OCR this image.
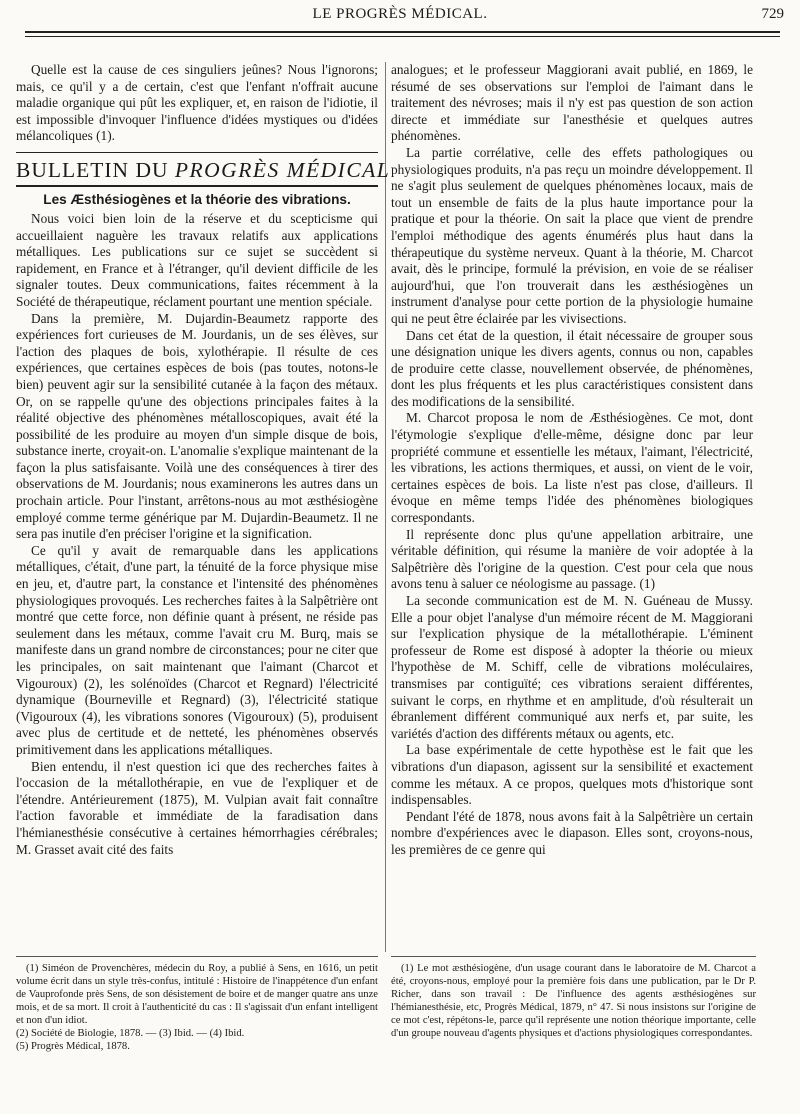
LE PROGRÈS MÉDICAL.	729

Quelle est la cause de ces singuliers jeûnes? Nous l'ignorons; mais, ce qu'il y a de certain, c'est que l'enfant n'offrait aucune maladie organique qui pût les expliquer, et, en raison de l'idiotie, il est impossible d'invoquer l'influence d'idées mystiques ou d'idées mélancoliques (1).

BULLETIN DU PROGRÈS MÉDICAL
Les Æsthésiogènes et la théorie des vibrations.

Nous voici bien loin de la réserve et du scepticisme qui accueillaient naguère les travaux relatifs aux applications métalliques. Les publications sur ce sujet se succèdent si rapidement, en France et à l'étranger, qu'il devient difficile de les signaler toutes. Deux communications, faites récemment à la Société de thérapeutique, réclament pourtant une mention spéciale.

Dans la première, M. Dujardin-Beaumetz rapporte des expériences fort curieuses de M. Jourdanis, un de ses élèves, sur l'action des plaques de bois, xylothérapie. Il résulte de ces expériences, que certaines espèces de bois (pas toutes, notons-le bien) peuvent agir sur la sensibilité cutanée à la façon des métaux. Or, on se rappelle qu'une des objections principales faites à la réalité objective des phénomènes métalloscopiques, avait été la possibilité de les produire au moyen d'un simple disque de bois, substance inerte, croyait-on. L'anomalie s'explique maintenant de la façon la plus satisfaisante. Voilà une des conséquences à tirer des observations de M. Jourdanis; nous examinerons les autres dans un prochain article. Pour l'instant, arrêtons-nous au mot æsthésiogène employé comme terme générique par M. Dujardin-Beaumetz. Il ne sera pas inutile d'en préciser l'origine et la signification.

Ce qu'il y avait de remarquable dans les applications métalliques, c'était, d'une part, la ténuité de la force physique mise en jeu, et, d'autre part, la constance et l'intensité des phénomènes physiologiques provoqués. Les recherches faites à la Salpêtrière ont montré que cette force, non définie quant à présent, ne réside pas seulement dans les métaux, comme l'avait cru M. Burq, mais se manifeste dans un grand nombre de circonstances; pour ne citer que les principales, on sait maintenant que l'aimant (Charcot et Vigouroux) (2), les solénoïdes (Charcot et Regnard) l'électricité dynamique (Bourneville et Regnard) (3), l'électricité statique (Vigouroux (4), les vibrations sonores (Vigouroux) (5), produisent avec plus de certitude et de netteté, les phénomènes observés primitivement dans les applications métalliques.

Bien entendu, il n'est question ici que des recherches faites à l'occasion de la métallothérapie, en vue de l'expliquer et de l'étendre. Antérieurement (1875), M. Vulpian avait fait connaître l'action favorable et immédiate de la faradisation dans l'hémianesthésie consécutive à certaines hémorrhagies cérébrales; M. Grasset avait cité des faits

analogues; et le professeur Maggiorani avait publié, en 1869, le résumé de ses observations sur l'emploi de l'aimant dans le traitement des névroses; mais il n'y est pas question de son action directe et immédiate sur l'anesthésie et quelques autres phénomènes.

La partie corrélative, celle des effets pathologiques ou physiologiques produits, n'a pas reçu un moindre développement. Il ne s'agit plus seulement de quelques phénomènes locaux, mais de tout un ensemble de faits de la plus haute importance pour la pratique et pour la théorie. On sait la place que vient de prendre l'emploi méthodique des agents énumérés plus haut dans la thérapeutique du système nerveux. Quant à la théorie, M. Charcot avait, dès le principe, formulé la prévision, en voie de se réaliser aujourd'hui, que l'on trouverait dans les æsthésiogènes un instrument d'analyse pour cette portion de la physiologie humaine qui ne peut être éclairée par les vivisections.

Dans cet état de la question, il était nécessaire de grouper sous une désignation unique les divers agents, connus ou non, capables de produire cette classe, nouvellement observée, de phénomènes, dont les plus fréquents et les plus caractéristiques consistent dans des modifications de la sensibilité.

M. Charcot proposa le nom de Æsthésiogènes. Ce mot, dont l'étymologie s'explique d'elle-même, désigne donc par leur propriété commune et essentielle les métaux, l'aimant, l'électricité, les vibrations, les actions thermiques, et aussi, on vient de le voir, certaines espèces de bois. La liste n'est pas close, d'ailleurs. Il évoque en même temps l'idée des phénomènes biologiques correspondants.

Il représente donc plus qu'une appellation arbitraire, une véritable définition, qui résume la manière de voir adoptée à la Salpêtrière dès l'origine de la question. C'est pour cela que nous avons tenu à saluer ce néologisme au passage. (1)

La seconde communication est de M. N. Guéneau de Mussy. Elle a pour objet l'analyse d'un mémoire récent de M. Maggiorani sur l'explication physique de la métallothérapie. L'éminent professeur de Rome est disposé à adopter la théorie ou mieux l'hypothèse de M. Schiff, celle de vibrations moléculaires, transmises par contiguïté; ces vibrations seraient différentes, suivant le corps, en rhythme et en amplitude, d'où résulterait un ébranlement différent communiqué aux nerfs et, par suite, les variétés d'action des différents métaux ou agents, etc.

La base expérimentale de cette hypothèse est le fait que les vibrations d'un diapason, agissent sur la sensibilité et exactement comme les métaux. A ce propos, quelques mots d'historique sont indispensables.

Pendant l'été de 1878, nous avons fait à la Salpêtrière un certain nombre d'expériences avec le diapason. Elles sont, croyons-nous, les premières de ce genre qui

(1) Siméon de Provenchères, médecin du Roy, a publié à Sens, en 1616, un petit volume écrit dans un style très-confus, intitulé : Histoire de l'inappétence d'un enfant de Vauprofonde près Sens, de son désistement de boire et de manger quatre ans unze mois, et de sa mort. Il croit à l'authenticité du cas : Il s'agissait d'un enfant intelligent et non d'un idiot.

(2) Société de Biologie, 1878. — (3) Ibid. — (4) Ibid.

(5) Progrès Médical, 1878.

(1) Le mot æsthésiogène, d'un usage courant dans le laboratoire de M. Charcot a été, croyons-nous, employé pour la première fois dans une publication, par le Dr P. Richer, dans son travail : De l'influence des agents æsthésiogènes sur l'hémianesthésie, etc, Progrès Médical, 1879, n° 47. Si nous insistons sur l'origine de ce mot c'est, répétons-le, parce qu'il représente une notion théorique importante, celle d'un groupe nouveau d'agents physiques et d'actions physiologiques correspondantes.
